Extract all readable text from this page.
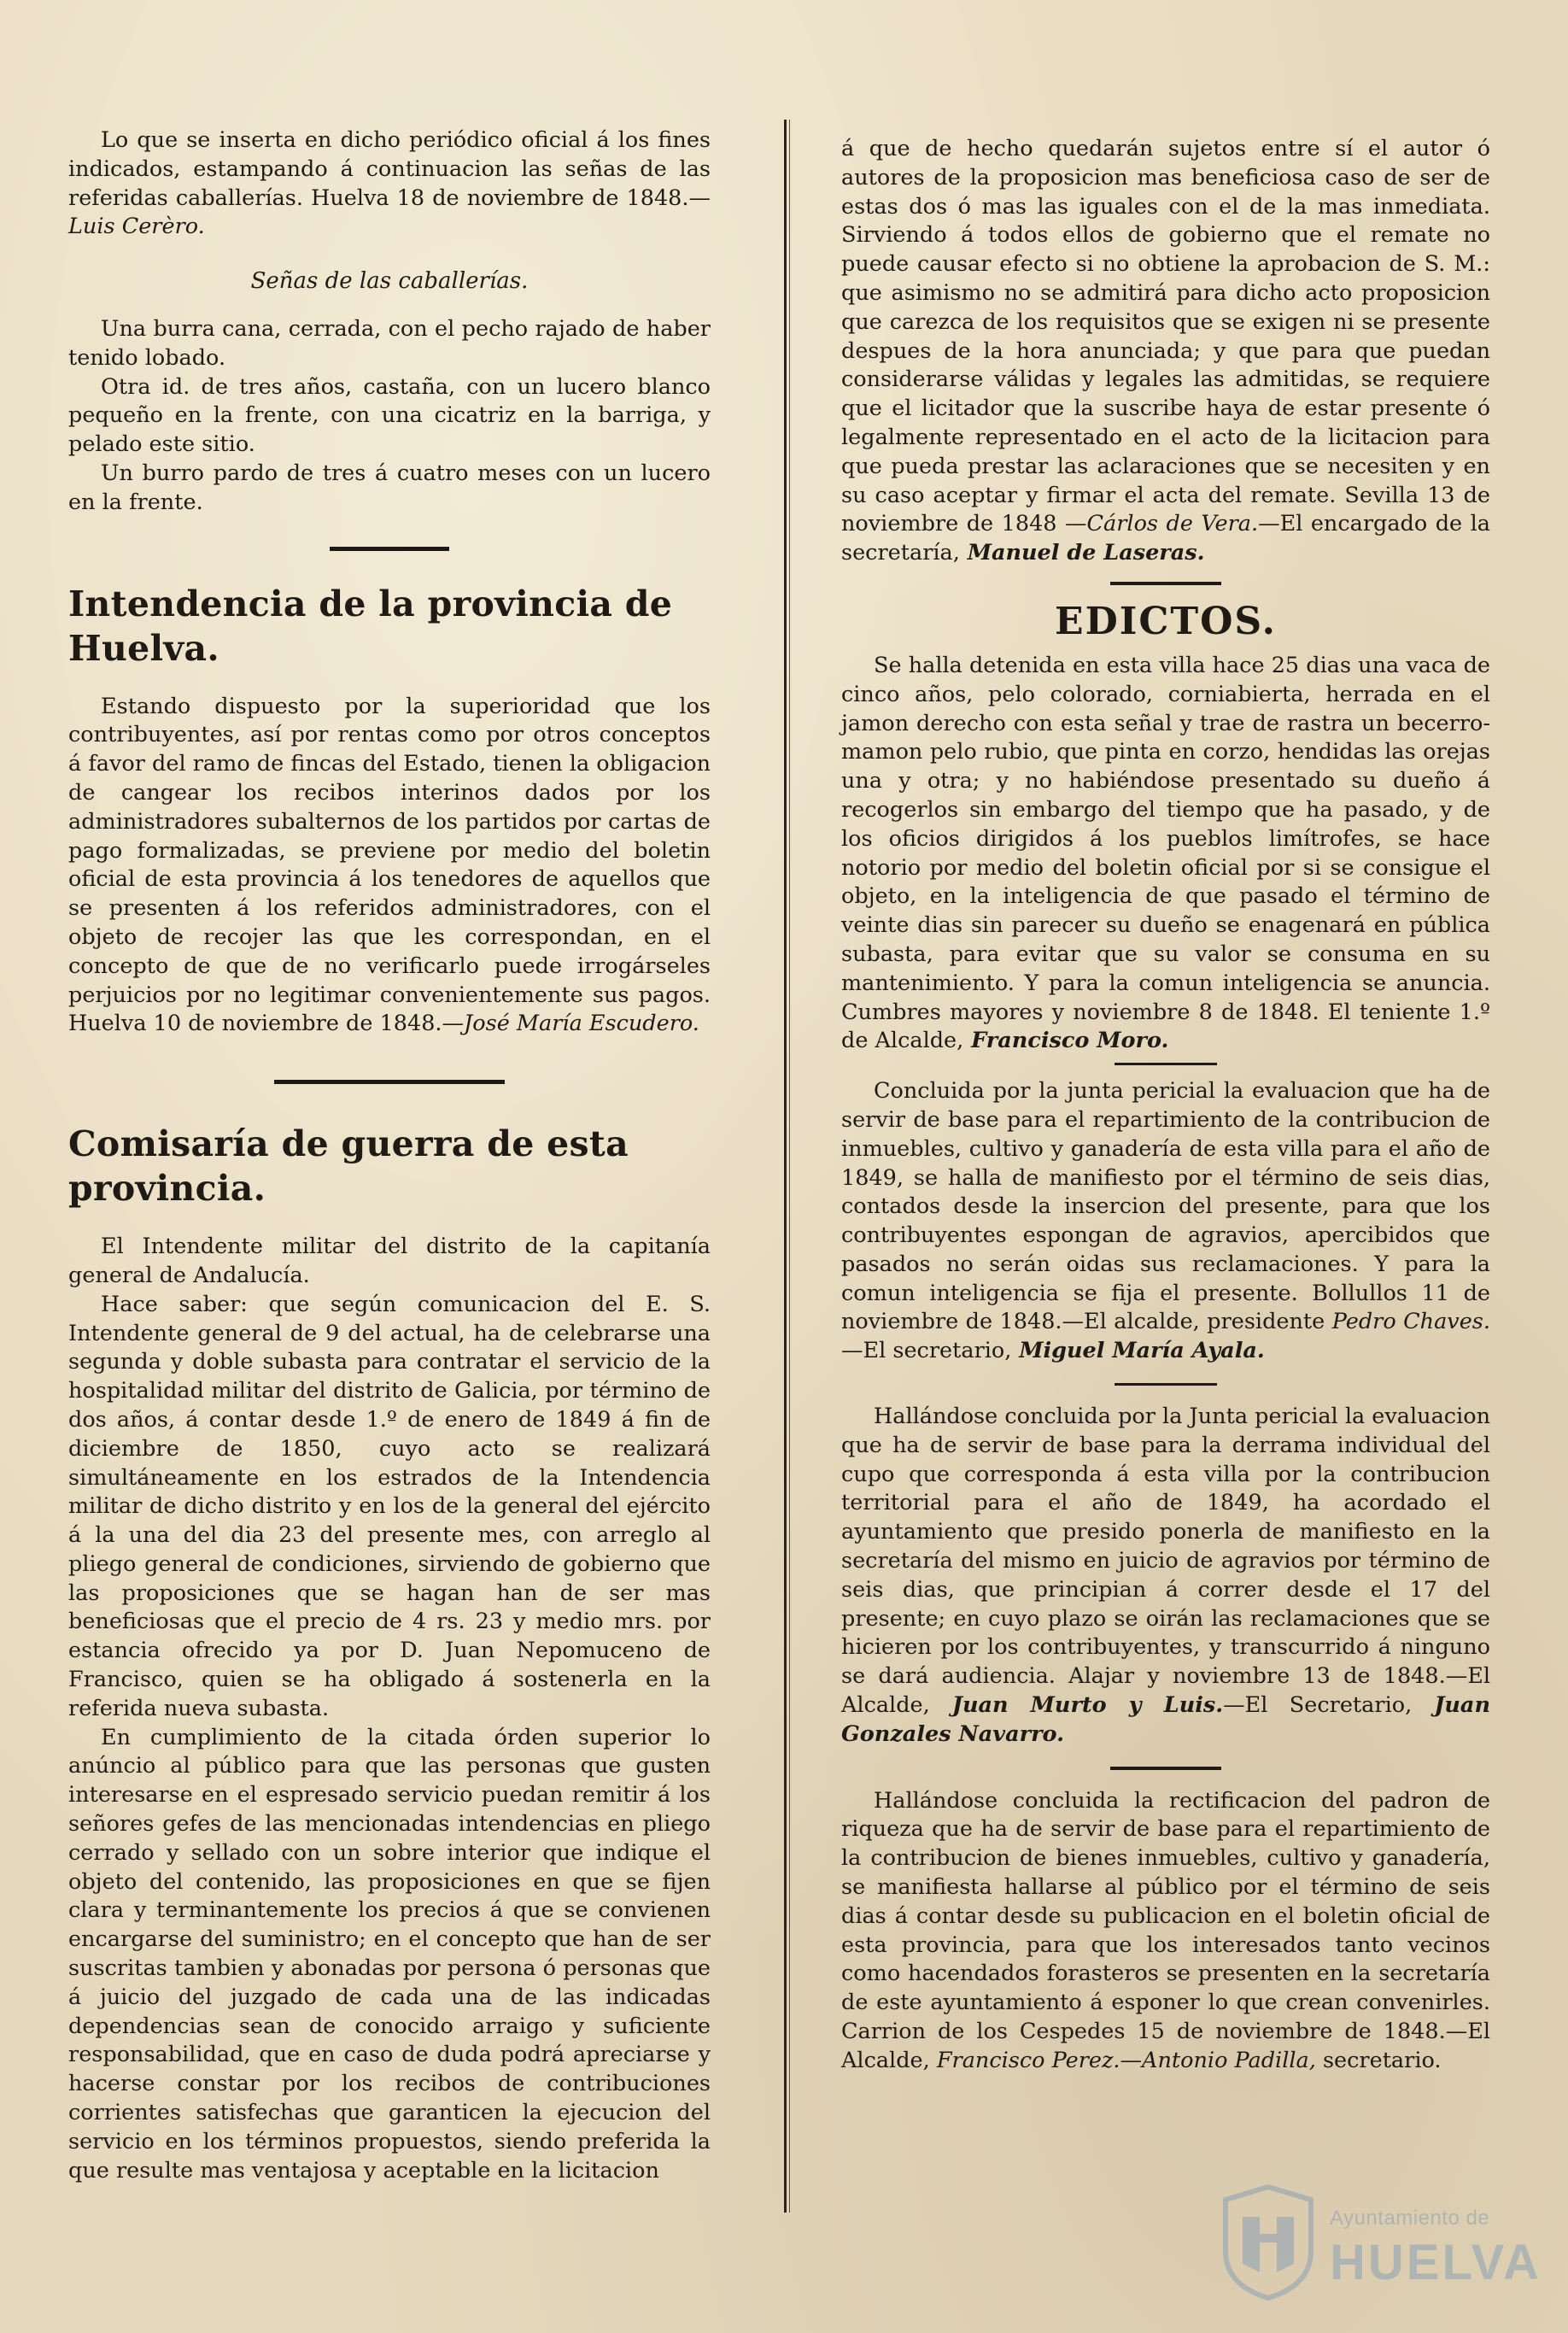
Lo que se inserta en dicho periódico oficial á los fines indicados, estampando á continuacion las señas de las referidas caballerías. Huelva 18 de noviembre de 1848.—Luis Cerèro.

Señas de las caballerías.

Una burra cana, cerrada, con el pecho rajado de haber tenido lobado.

Otra id. de tres años, castaña, con un lucero blanco pequeño en la frente, con una cicatriz en la barriga, y pelado este sitio.

Un burro pardo de tres á cuatro meses con un lucero en la frente.

Intendencia de la provincia de Huelva.

Estando dispuesto por la superioridad que los contribuyentes, así por rentas como por otros conceptos á favor del ramo de fincas del Estado, tienen la obligacion de cangear los recibos interinos dados por los administradores subalternos de los partidos por cartas de pago formalizadas, se previene por medio del boletin oficial de esta provincia á los tenedores de aquellos que se presenten á los referidos administradores, con el objeto de recojer las que les correspondan, en el concepto de que de no verificarlo puede irrogárseles perjuicios por no legitimar convenientemente sus pagos. Huelva 10 de noviembre de 1848.—José María Escudero.

Comisaría de guerra de esta provincia.

El Intendente militar del distrito de la capitanía general de Andalucía.

Hace saber: que según comunicacion del E. S. Intendente general de 9 del actual, ha de celebrarse una segunda y doble subasta para contratar el servicio de la hospitalidad militar del distrito de Galicia, por término de dos años, á contar desde 1.º de enero de 1849 á fin de diciembre de 1850, cuyo acto se realizará simultáneamente en los estrados de la Intendencia militar de dicho distrito y en los de la general del ejército á la una del dia 23 del presente mes, con arreglo al pliego general de condiciones, sirviendo de gobierno que las proposiciones que se hagan han de ser mas beneficiosas que el precio de 4 rs. 23 y medio mrs. por estancia ofrecido ya por D. Juan Nepomuceno de Francisco, quien se ha obligado á sostenerla en la referida nueva subasta.

En cumplimiento de la citada órden superior lo anúncio al público para que las personas que gusten interesarse en el espresado servicio puedan remitir á los señores gefes de las mencionadas intendencias en pliego cerrado y sellado con un sobre interior que indique el objeto del contenido, las proposiciones en que se fijen clara y terminantemente los precios á que se convienen encargarse del suministro; en el concepto que han de ser suscritas tambien y abonadas por persona ó personas que á juicio del juzgado de cada una de las indicadas dependencias sean de conocido arraigo y suficiente responsabilidad, que en caso de duda podrá apreciarse y hacerse constar por los recibos de contribuciones corrientes satisfechas que garanticen la ejecucion del servicio en los términos propuestos, siendo preferida la que resulte mas ventajosa y aceptable en la licitacion

á que de hecho quedarán sujetos entre sí el autor ó autores de la proposicion mas beneficiosa caso de ser de estas dos ó mas las iguales con el de la mas inmediata. Sirviendo á todos ellos de gobierno que el remate no puede causar efecto si no obtiene la aprobacion de S. M.: que asimismo no se admitirá para dicho acto proposicion que carezca de los requisitos que se exigen ni se presente despues de la hora anunciada; y que para que puedan considerarse válidas y legales las admitidas, se requiere que el licitador que la suscribe haya de estar presente ó legalmente representado en el acto de la licitacion para que pueda prestar las aclaraciones que se necesiten y en su caso aceptar y firmar el acta del remate. Sevilla 13 de noviembre de 1848 —Cárlos de Vera.—El encargado de la secretaría, Manuel de Laseras.

EDICTOS.

Se halla detenida en esta villa hace 25 dias una vaca de cinco años, pelo colorado, corniabierta, herrada en el jamon derecho con esta señal y trae de rastra un becerro-mamon pelo rubio, que pinta en corzo, hendidas las orejas una y otra; y no habiéndose presentado su dueño á recogerlos sin embargo del tiempo que ha pasado, y de los oficios dirigidos á los pueblos limítrofes, se hace notorio por medio del boletin oficial por si se consigue el objeto, en la inteligencia de que pasado el término de veinte dias sin parecer su dueño se enagenará en pública subasta, para evitar que su valor se consuma en su mantenimiento. Y para la comun inteligencia se anuncia. Cumbres mayores y noviembre 8 de 1848. El teniente 1.º de Alcalde, Francisco Moro.

Concluida por la junta pericial la evaluacion que ha de servir de base para el repartimiento de la contribucion de inmuebles, cultivo y ganadería de esta villa para el año de 1849, se halla de manifiesto por el término de seis dias, contados desde la insercion del presente, para que los contribuyentes espongan de agravios, apercibidos que pasados no serán oidas sus reclamaciones. Y para la comun inteligencia se fija el presente. Bollullos 11 de noviembre de 1848.—El alcalde, presidente Pedro Chaves.—El secretario, Miguel María Ayala.

Hallándose concluida por la Junta pericial la evaluacion que ha de servir de base para la derrama individual del cupo que corresponda á esta villa por la contribucion territorial para el año de 1849, ha acordado el ayuntamiento que presido ponerla de manifiesto en la secretaría del mismo en juicio de agravios por término de seis dias, que principian á correr desde el 17 del presente; en cuyo plazo se oirán las reclamaciones que se hicieren por los contribuyentes, y transcurrido á ninguno se dará audiencia. Alajar y noviembre 13 de 1848.—El Alcalde, Juan Murto y Luis.—El Secretario, Juan Gonzales Navarro.

Hallándose concluida la rectificacion del padron de riqueza que ha de servir de base para el repartimiento de la contribucion de bienes inmuebles, cultivo y ganadería, se manifiesta hallarse al público por el término de seis dias á contar desde su publicacion en el boletin oficial de esta provincia, para que los interesados tanto vecinos como hacendados forasteros se presenten en la secretaría de este ayuntamiento á esponer lo que crean convenirles. Carrion de los Cespedes 15 de noviembre de 1848.—El Alcalde, Francisco Perez.—Antonio Padilla, secretario.

Ayuntamiento de
HUELVA
